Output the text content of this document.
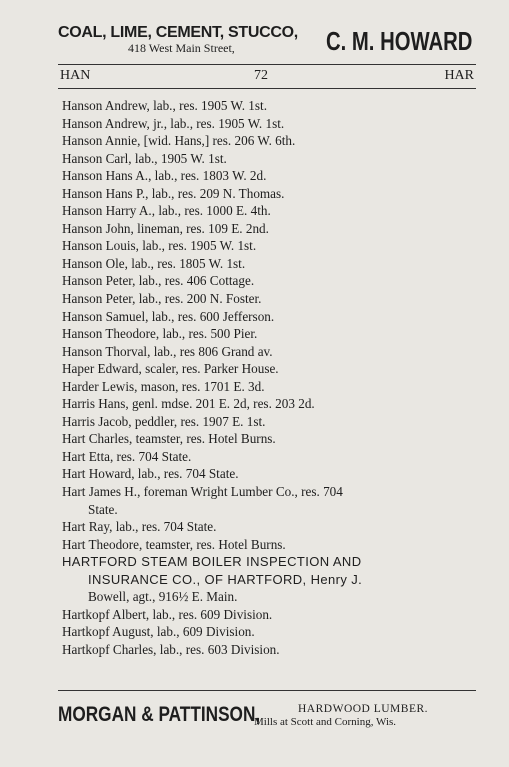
COAL, LIME, CEMENT, STUCCO,
418 West Main Street,	C. M. HOWARD
HAN	72	HAR
Hanson Andrew, lab., res. 1905 W. 1st.
Hanson Andrew, jr., lab., res. 1905 W. 1st.
Hanson Annie, [wid. Hans,] res. 206 W. 6th.
Hanson Carl, lab., 1905 W. 1st.
Hanson Hans A., lab., res. 1803 W. 2d.
Hanson Hans P., lab., res. 209 N. Thomas.
Hanson Harry A., lab., res. 1000 E. 4th.
Hanson John, lineman, res. 109 E. 2nd.
Hanson Louis, lab., res. 1905 W. 1st.
Hanson Ole, lab., res. 1805 W. 1st.
Hanson Peter, lab., res. 406 Cottage.
Hanson Peter, lab., res. 200 N. Foster.
Hanson Samuel, lab., res. 600 Jefferson.
Hanson Theodore, lab., res. 500 Pier.
Hanson Thorval, lab., res 806 Grand av.
Haper Edward, scaler, res. Parker House.
Harder Lewis, mason, res. 1701 E. 3d.
Harris Hans, genl. mdse. 201 E. 2d, res. 203 2d.
Harris Jacob, peddler, res. 1907 E. 1st.
Hart Charles, teamster, res. Hotel Burns.
Hart Etta, res. 704 State.
Hart Howard, lab., res. 704 State.
Hart James H., foreman Wright Lumber Co., res. 704
State.
Hart Ray, lab., res. 704 State.
Hart Theodore, teamster, res. Hotel Burns.
HARTFORD STEAM BOILER INSPECTION AND
INSURANCE CO., OF HARTFORD, Henry J.
Bowell, agt., 916½ E. Main.
Hartkopf Albert, lab., res. 609 Division.
Hartkopf August, lab., 609 Division.
Hartkopf Charles, lab., res. 603 Division.
MORGAN & PATTINSON,	HARDWOOD LUMBER.
Mills at Scott and Corning, Wis.
